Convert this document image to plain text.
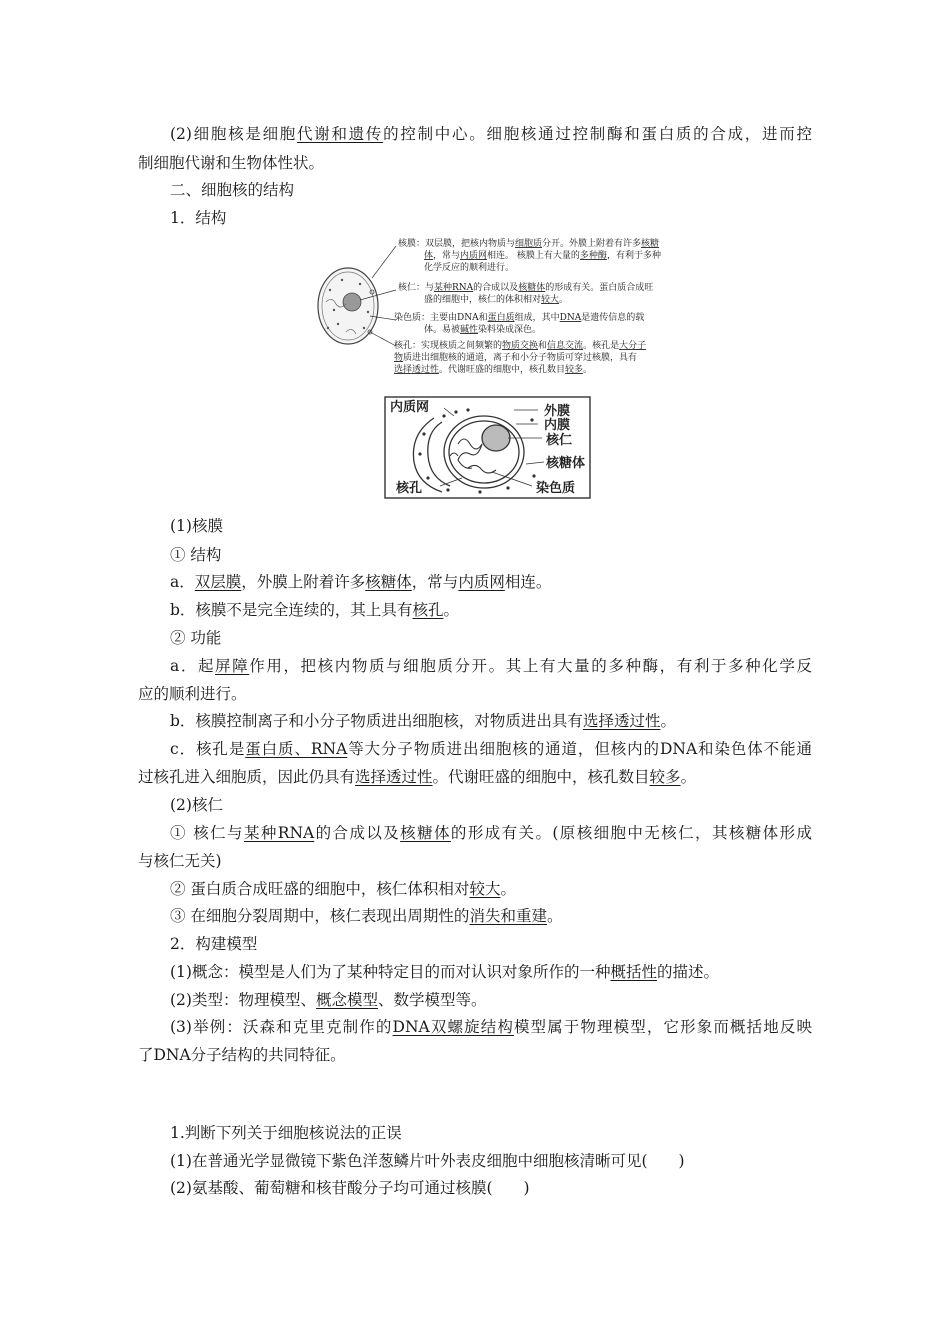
(2)细胞核是细胞代谢和遗传的控制中心。细胞核通过控制酶和蛋白质的合成，进而控
制细胞代谢和生物体性状。
二、细胞核的结构
1．结构
核膜：双层膜，把核内物质与细胞质分开。外膜上附着有许多核糖
体，常与内质网相连。 核膜上有大量的多种酶，有利于多种
化学反应的顺利进行。
核仁：与某种RNA的合成以及核糖体的形成有关。蛋白质合成旺
盛的细胞中，核仁的体积相对较大。
染色质：主要由DNA和蛋白质组成，其中DNA是遗传信息的载
体。易被碱性染料染成深色。
核孔：实现核质之间频繁的物质交换和信息交流。核孔是大分子
物质进出细胞核的通道，离子和小分子物质可穿过核膜，具有
选择透过性。代谢旺盛的细胞中，核孔数目较多。
内质网	外膜
内膜
核仁
核糖体
核孔	染色质
(1)核膜
① 结构
a．双层膜，外膜上附着许多核糖体，常与内质网相连。
b．核膜不是完全连续的，其上具有核孔。
② 功能
a．起屏障作用，把核内物质与细胞质分开。其上有大量的多种酶，有利于多种化学反
应的顺利进行。
b．核膜控制离子和小分子物质进出细胞核，对物质进出具有选择透过性。
c．核孔是蛋白质、RNA等大分子物质进出细胞核的通道，但核内的DNA和染色体不能通
过核孔进入细胞质，因此仍具有选择透过性。代谢旺盛的细胞中，核孔数目较多。
(2)核仁
① 核仁与某种RNA的合成以及核糖体的形成有关。(原核细胞中无核仁，其核糖体形成
与核仁无关)
② 蛋白质合成旺盛的细胞中，核仁体积相对较大。
③ 在细胞分裂周期中，核仁表现出周期性的消失和重建。
2．构建模型
(1)概念：模型是人们为了某种特定目的而对认识对象所作的一种概括性的描述。
(2)类型：物理模型、概念模型、数学模型等。
(3)举例：沃森和克里克制作的DNA双螺旋结构模型属于物理模型，它形象而概括地反映
了DNA分子结构的共同特征。
1.判断下列关于细胞核说法的正误
(1)在普通光学显微镜下紫色洋葱鳞片叶外表皮细胞中细胞核清晰可见(　　)
(2)氨基酸、葡萄糖和核苷酸分子均可通过核膜(　　)
